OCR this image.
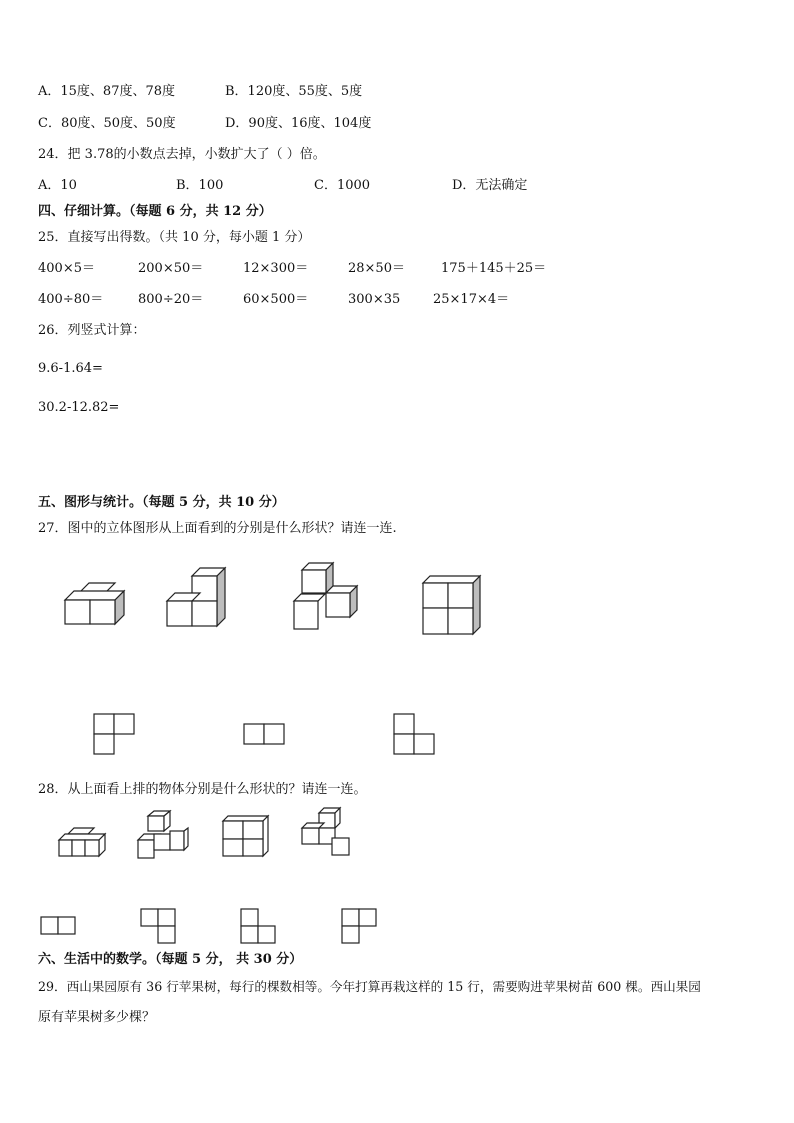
A．15度、87度、78度	B．120度、55度、5度
C．80度、50度、50度	D．90度、16度、104度
24．把 3.78的小数点去掉，小数扩大了（ ）倍。
A．10	B．100	C．1000	D．无法确定
四、仔细计算。（每题 6 分，共 12 分）
25．直接写出得数。（共 10 分，每小题 1 分）
400×5＝	200×50＝	12×300＝	28×50＝	175＋145＋25＝
400÷80＝	800÷20＝	60×500＝	300×35	25×17×4＝
26．列竖式计算：
9.6-1.64=
30.2-12.82=
五、图形与统计。（每题 5 分，共 10 分）
27．图中的立体图形从上面看到的分别是什么形状？请连一连.
28．从上面看上排的物体分别是什么形状的？请连一连。
六、生活中的数学。（每题 5 分， 共 30 分）
29．西山果园原有 36 行苹果树，每行的棵数相等。今年打算再栽这样的 15 行，需要购进苹果树苗 600 棵。西山果园
原有苹果树多少棵？
